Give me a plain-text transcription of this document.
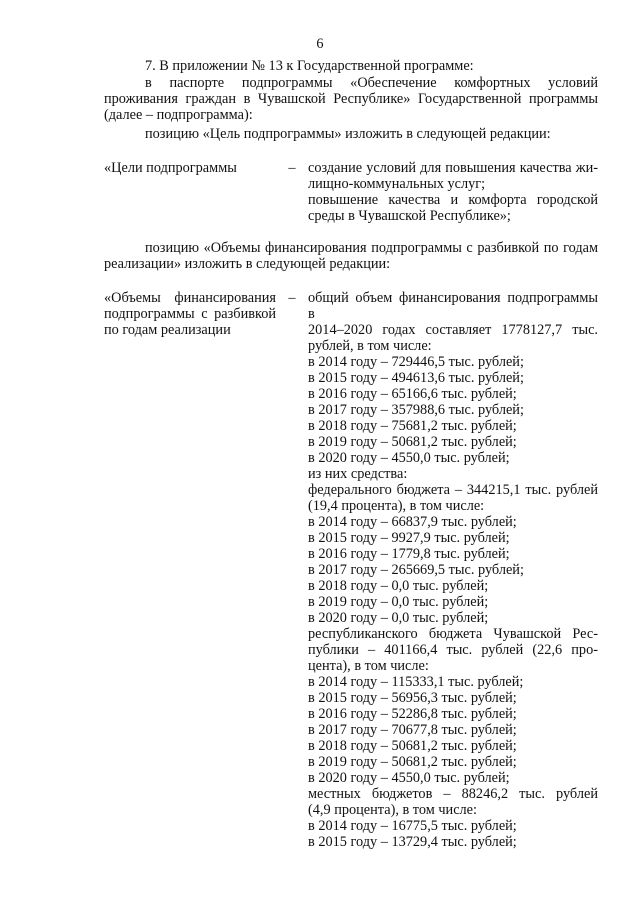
6
7. В приложении № 13 к Государственной программе:
в паспорте подпрограммы «Обеспечение комфортных условий проживания граждан в Чувашской Республике» Государственной программы (далее – подпрограмма):
позицию «Цель подпрограммы» изложить в следующей редакции:
«Цели подпрограммы	– создание условий для повышения качества жи-
лищно-коммунальных услуг;
повышение качества и комфорта городской
среды в Чувашской Республике»;
позицию «Объемы финансирования подпрограммы с разбивкой по годам реализации» изложить в следующей редакции:
«Объемы финансирования
подпрограммы с разбивкой
по годам реализации
– общий объем финансирования подпрограммы в
2014–2020 годах составляет 1778127,7 тыс.
рублей, в том числе:
в 2014 году – 729446,5 тыс. рублей;
в 2015 году – 494613,6 тыс. рублей;
в 2016 году – 65166,6 тыс. рублей;
в 2017 году – 357988,6 тыс. рублей;
в 2018 году – 75681,2 тыс. рублей;
в 2019 году – 50681,2 тыс. рублей;
в 2020 году – 4550,0 тыс. рублей;
из них средства:
федерального бюджета – 344215,1 тыс. рублей
(19,4 процента), в том числе:
в 2014 году – 66837,9 тыс. рублей;
в 2015 году – 9927,9 тыс. рублей;
в 2016 году – 1779,8 тыс. рублей;
в 2017 году – 265669,5 тыс. рублей;
в 2018 году – 0,0 тыс. рублей;
в 2019 году – 0,0 тыс. рублей;
в 2020 году – 0,0 тыс. рублей;
республиканского бюджета Чувашской Рес-
публики – 401166,4 тыс. рублей (22,6 про-
цента), в том числе:
в 2014 году – 115333,1 тыс. рублей;
в 2015 году – 56956,3 тыс. рублей;
в 2016 году – 52286,8 тыс. рублей;
в 2017 году – 70677,8 тыс. рублей;
в 2018 году – 50681,2 тыс. рублей;
в 2019 году – 50681,2 тыс. рублей;
в 2020 году – 4550,0 тыс. рублей;
местных бюджетов – 88246,2 тыс. рублей
(4,9 процента), в том числе:
в 2014 году – 16775,5 тыс. рублей;
в 2015 году – 13729,4 тыс. рублей;
